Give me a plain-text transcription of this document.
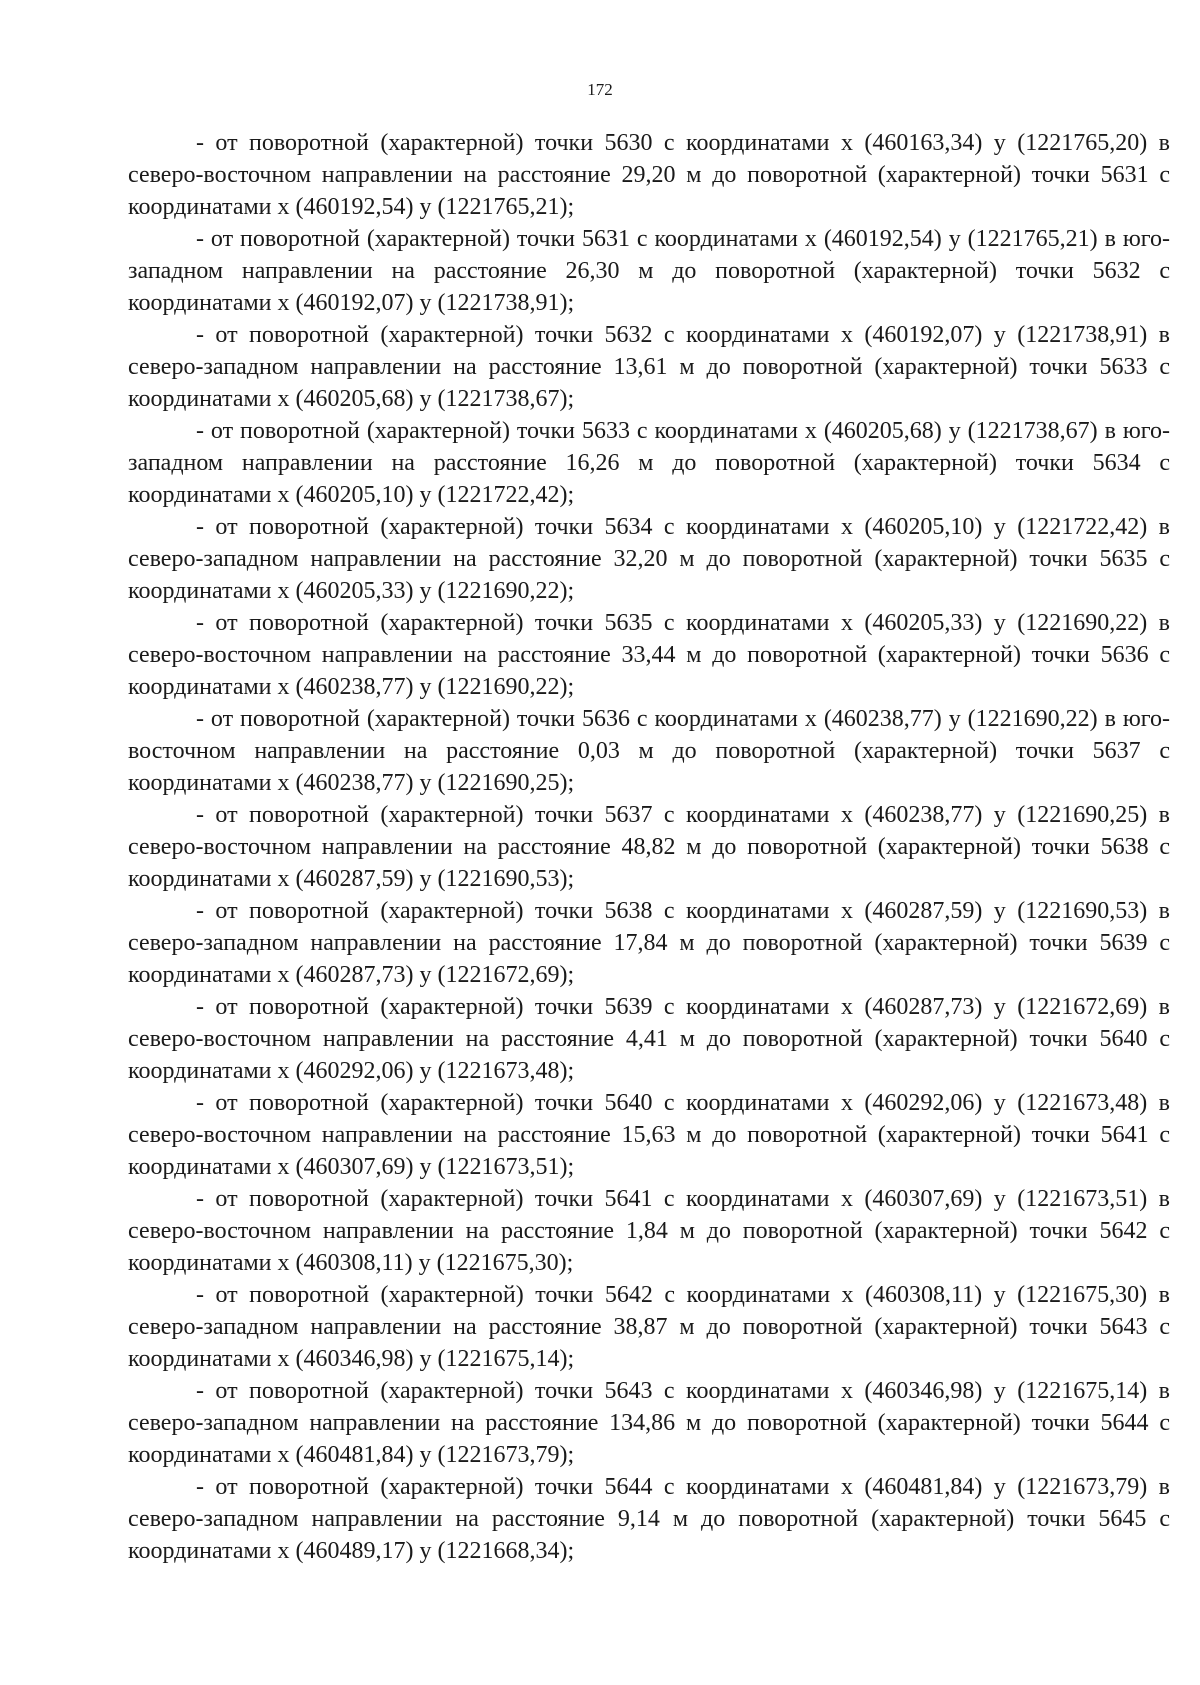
172

- от поворотной (характерной) точки 5630 с координатами х (460163,34) у (1221765,20) в северо-восточном направлении на расстояние 29,20 м до поворотной (характерной) точки 5631 с координатами х (460192,54) у (1221765,21);

- от поворотной (характерной) точки 5631 с координатами х (460192,54) у (1221765,21) в юго-западном направлении на расстояние 26,30 м до поворотной (характерной) точки 5632 с координатами х (460192,07) у (1221738,91);

- от поворотной (характерной) точки 5632 с координатами х (460192,07) у (1221738,91) в северо-западном направлении на расстояние 13,61 м до поворотной (характерной) точки 5633 с координатами х (460205,68) у (1221738,67);

- от поворотной (характерной) точки 5633 с координатами х (460205,68) у (1221738,67) в юго-западном направлении на расстояние 16,26 м до поворотной (характерной) точки 5634 с координатами х (460205,10) у (1221722,42);

- от поворотной (характерной) точки 5634 с координатами х (460205,10) у (1221722,42) в северо-западном направлении на расстояние 32,20 м до поворотной (характерной) точки 5635 с координатами х (460205,33) у (1221690,22);

- от поворотной (характерной) точки 5635 с координатами х (460205,33) у (1221690,22) в северо-восточном направлении на расстояние 33,44 м до поворотной (характерной) точки 5636 с координатами х (460238,77) у (1221690,22);

- от поворотной (характерной) точки 5636 с координатами х (460238,77) у (1221690,22) в юго-восточном направлении на расстояние 0,03 м до поворотной (характерной) точки 5637 с координатами х (460238,77) у (1221690,25);

- от поворотной (характерной) точки 5637 с координатами х (460238,77) у (1221690,25) в северо-восточном направлении на расстояние 48,82 м до поворотной (характерной) точки 5638 с координатами х (460287,59) у (1221690,53);

- от поворотной (характерной) точки 5638 с координатами х (460287,59) у (1221690,53) в северо-западном направлении на расстояние 17,84 м до поворотной (характерной) точки 5639 с координатами х (460287,73) у (1221672,69);

- от поворотной (характерной) точки 5639 с координатами х (460287,73) у (1221672,69) в северо-восточном направлении на расстояние 4,41 м до поворотной (характерной) точки 5640 с координатами х (460292,06) у (1221673,48);

- от поворотной (характерной) точки 5640 с координатами х (460292,06) у (1221673,48) в северо-восточном направлении на расстояние 15,63 м до поворотной (характерной) точки 5641 с координатами х (460307,69) у (1221673,51);

- от поворотной (характерной) точки 5641 с координатами х (460307,69) у (1221673,51) в северо-восточном направлении на расстояние 1,84 м до поворотной (характерной) точки 5642 с координатами х (460308,11) у (1221675,30);

- от поворотной (характерной) точки 5642 с координатами х (460308,11) у (1221675,30) в северо-западном направлении на расстояние 38,87 м до поворотной (характерной) точки 5643 с координатами х (460346,98) у (1221675,14);

- от поворотной (характерной) точки 5643 с координатами х (460346,98) у (1221675,14) в северо-западном направлении на расстояние 134,86 м до поворотной (характерной) точки 5644 с координатами х (460481,84) у (1221673,79);

- от поворотной (характерной) точки 5644 с координатами х (460481,84) у (1221673,79) в северо-западном направлении на расстояние 9,14 м до поворотной (характерной) точки 5645 с координатами х (460489,17) у (1221668,34);
